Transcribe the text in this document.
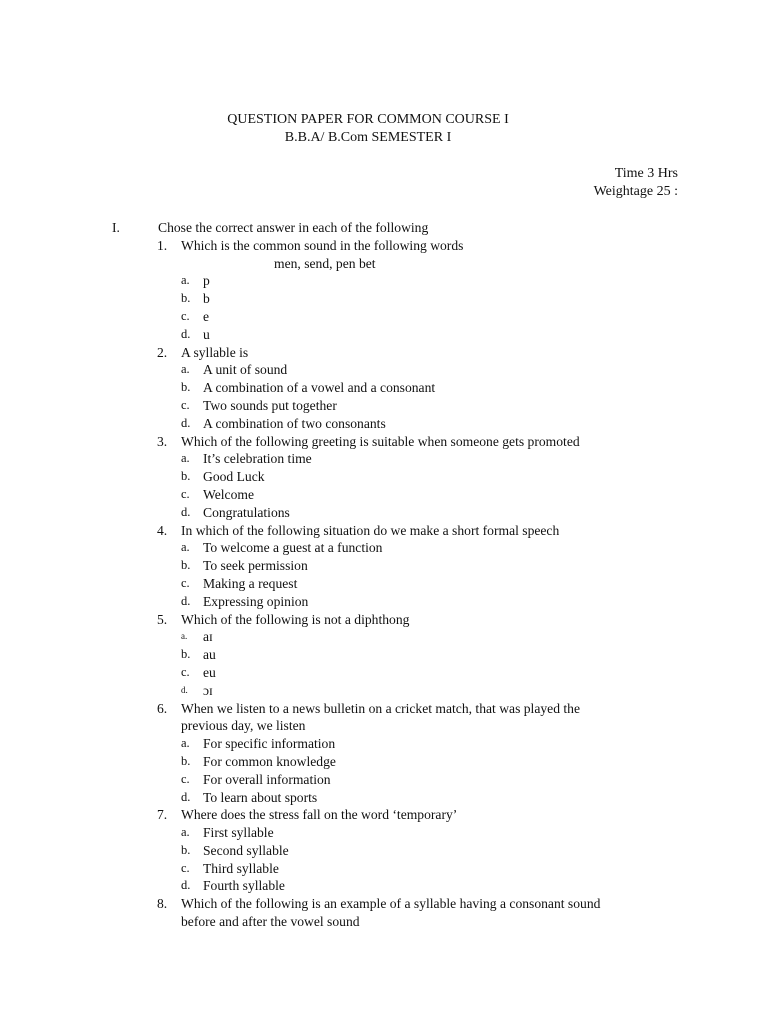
QUESTION PAPER FOR COMMON COURSE I
B.B.A/ B.Com SEMESTER I
Time 3 Hrs
Weightage 25 :
I.	Chose the correct answer in each of the following
1.	Which is the common sound in the following words
men, send, pen bet
a. p
b. b
c. e
d. u
2.	A syllable is
a. A unit of sound
b. A combination of a vowel and a consonant
c. Two sounds put together
d. A combination of two consonants
3.	Which of the following greeting is suitable when someone gets promoted
a. It’s celebration time
b. Good Luck
c. Welcome
d. Congratulations
4.	In which of the following situation do we make a short formal speech
a. To welcome a guest at a function
b. To seek permission
c. Making a request
d. Expressing opinion
5.	Which of the following is not a diphthong
a. aɪ
b. au
c. eu
d. ɔɪ
6.	When we listen to a news bulletin on a cricket match, that was played the
previous day, we listen
a. For specific information
b. For common knowledge
c. For overall information
d. To learn about sports
7.	Where does the stress fall on the word ‘temporary’
a. First syllable
b. Second syllable
c. Third syllable
d. Fourth syllable
8.	Which of the following is an example of a syllable having a consonant sound
before and after the vowel sound
